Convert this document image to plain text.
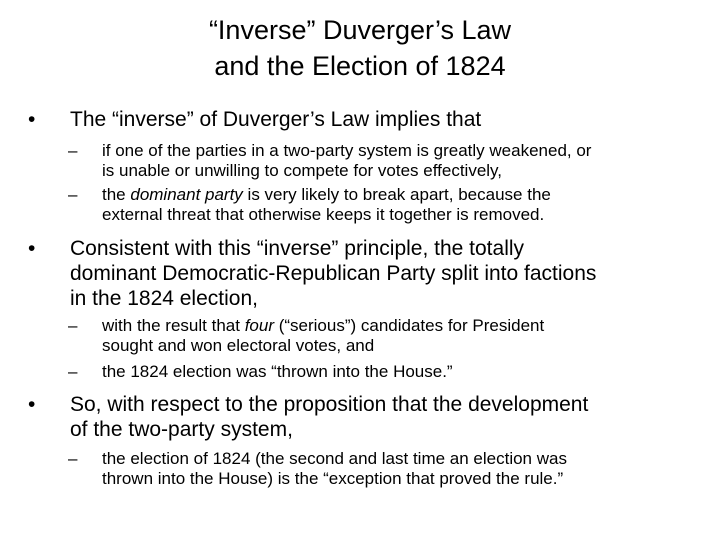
“Inverse” Duverger’s Law
and the Election of 1824
•	The “inverse” of Duverger’s Law implies that
–	if one of the parties in a two-party system is greatly weakened, or
is unable or unwilling to compete for votes effectively,
–	the dominant party is very likely to break apart, because the
external threat that otherwise keeps it together is removed.
•	Consistent with this “inverse” principle, the totally
dominant Democratic-Republican Party split into factions
in the 1824 election,
–	with the result that four (“serious”) candidates for President
sought and won electoral votes, and
–	the 1824 election was “thrown into the House.”
•	So, with respect to the proposition that the development
of the two-party system,
–	the election of 1824 (the second and last time an election was
thrown into the House) is the “exception that proved the rule.”
